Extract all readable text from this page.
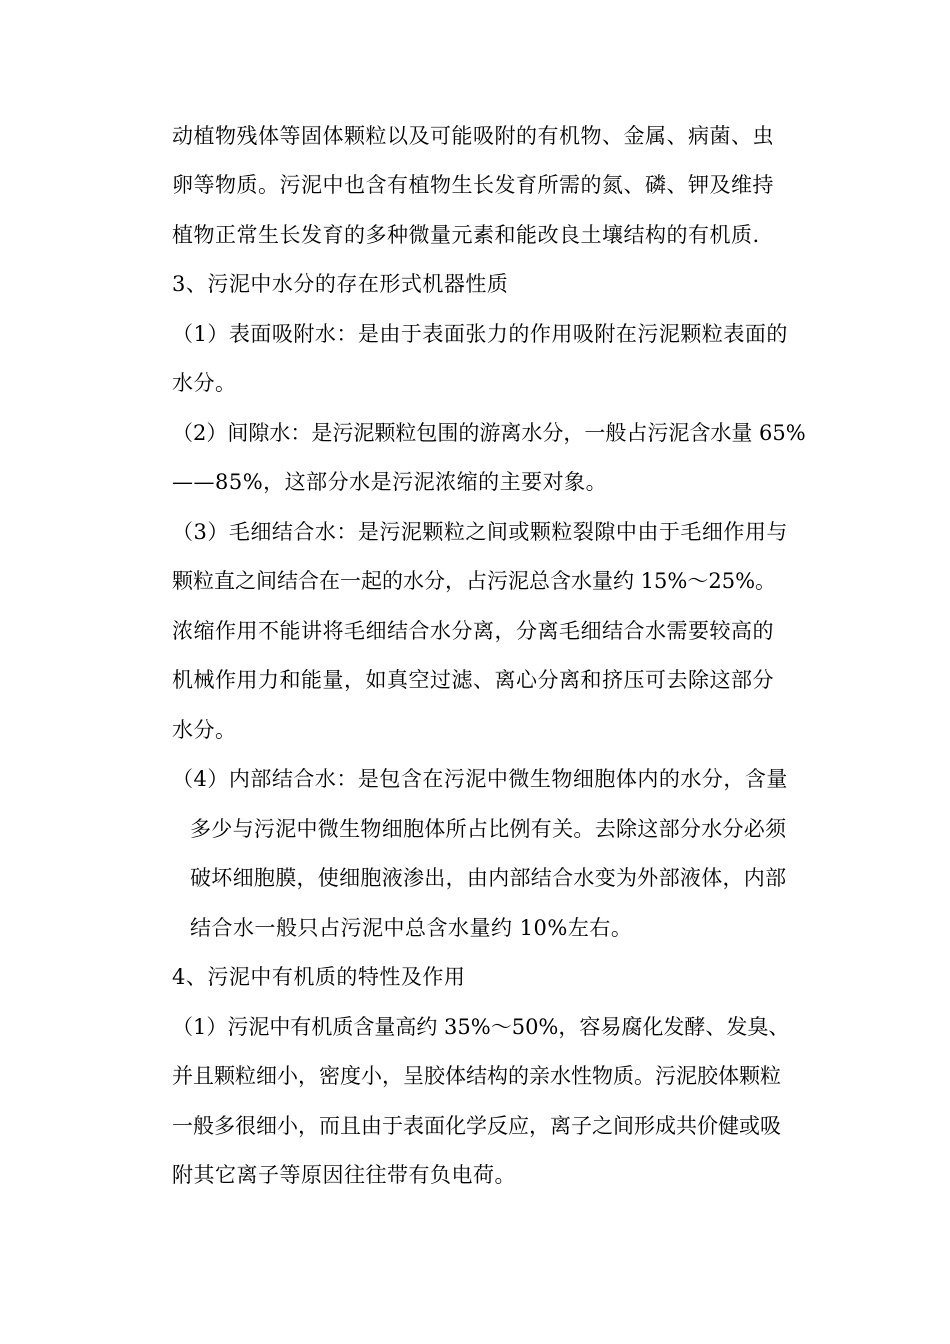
动植物残体等固体颗粒以及可能吸附的有机物、金属、病菌、虫
卵等物质。污泥中也含有植物生长发育所需的氮、磷、钾及维持
植物正常生长发育的多种微量元素和能改良土壤结构的有机质.
3、污泥中水分的存在形式机器性质
（1）表面吸附水：是由于表面张力的作用吸附在污泥颗粒表面的
水分。
（2）间隙水：是污泥颗粒包围的游离水分，一般占污泥含水量 65%
——85%，这部分水是污泥浓缩的主要对象。
（3）毛细结合水：是污泥颗粒之间或颗粒裂隙中由于毛细作用与
颗粒直之间结合在一起的水分，占污泥总含水量约 15%～25%。
浓缩作用不能讲将毛细结合水分离，分离毛细结合水需要较高的
机械作用力和能量，如真空过滤、离心分离和挤压可去除这部分
水分。
（4）内部结合水：是包含在污泥中微生物细胞体内的水分，含量
多少与污泥中微生物细胞体所占比例有关。去除这部分水分必须
破坏细胞膜，使细胞液渗出，由内部结合水变为外部液体，内部
结合水一般只占污泥中总含水量约 10%左右。
4、污泥中有机质的特性及作用
（1）污泥中有机质含量高约 35%～50%，容易腐化发酵、发臭、
并且颗粒细小，密度小，呈胶体结构的亲水性物质。污泥胶体颗粒
一般多很细小，而且由于表面化学反应，离子之间形成共价健或吸
附其它离子等原因往往带有负电荷。
